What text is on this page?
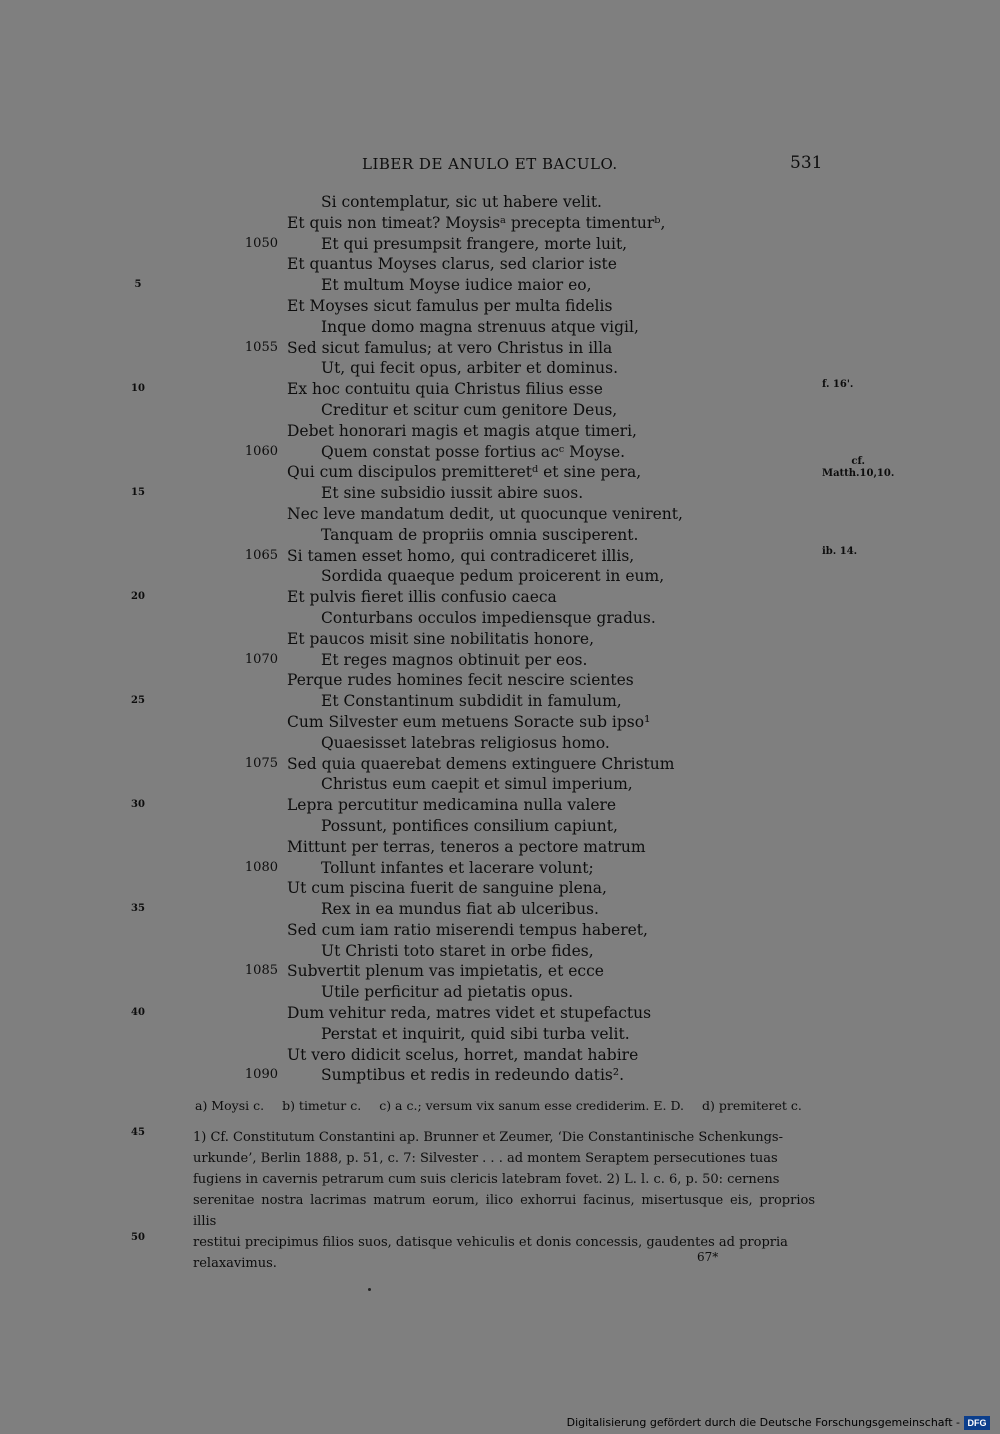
LIBER DE ANULO ET BACULO.	531
Si contemplatur, sic ut habere velit.
Et quis non timeat? Moysisᵃ precepta timenturᵇ,
1050	Et qui presumpsit frangere, morte luit,
Et quantus Moyses clarus, sed clarior iste
5	Et multum Moyse iudice maior eo,
Et Moyses sicut famulus per multa fidelis
Inque domo magna strenuus atque vigil,
1055 Sed sicut famulus; at vero Christus in illa
Ut, qui fecit opus, arbiter et dominus.
10	Ex hoc contuitu quia Christus filius esse	f. 16'.
Creditur et scitur cum genitore Deus,
Debet honorari magis et magis atque timeri,
1060	Quem constat posse fortius acᶜ Moyse.
Qui cum discipulos premitteretᵈ et sine pera,
cf.
Matth.10,10.
15	Et sine subsidio iussit abire suos.
Nec leve mandatum dedit, ut quocunque venirent,
Tanquam de propriis omnia susciperent.
1065 Si tamen esset homo, qui contradiceret illis,	ib. 14.
Sordida quaeque pedum proicerent in eum,
20	Et pulvis fieret illis confusio caeca
Conturbans occulos impediensque gradus.
Et paucos misit sine nobilitatis honore,
1070	Et reges magnos obtinuit per eos.
Perque rudes homines fecit nescire scientes
25	Et Constantinum subdidit in famulum,
Cum Silvester eum metuens Soracte sub ipso¹
Quaesisset latebras religiosus homo.
1075 Sed quia quaerebat demens extinguere Christum
Christus eum caepit et simul imperium,
30	Lepra percutitur medicamina nulla valere
Possunt, pontifices consilium capiunt,
Mittunt per terras, teneros a pectore matrum
1080	Tollunt infantes et lacerare volunt;
Ut cum piscina fuerit de sanguine plena,
35	Rex in ea mundus fiat ab ulceribus.
Sed cum iam ratio miserendi tempus haberet,
Ut Christi toto staret in orbe fides,
1085 Subvertit plenum vas impietatis, et ecce
Utile perficitur ad pietatis opus.
40	Dum vehitur reda, matres videt et stupefactus
Perstat et inquirit, quid sibi turba velit.
Ut vero didicit scelus, horret, mandat habire
1090	Sumptibus et redis in redeundo datis².
a) Moysi c. b) timetur c. c) a c.; versum vix sanum esse crediderim. E. D. d) premiteret c.
45
50
1) Cf. Constitutum Constantini ap. Brunner et Zeumer, ‘Die Constantinische Schenkungs-
urkunde’, Berlin 1888, p. 51, c. 7: Silvester . . . ad montem Seraptem persecutiones tuas
fugiens in cavernis petrarum cum suis clericis latebram fovet. 2) L. l. c. 6, p. 50: cernens
serenitae nostra lacrimas matrum eorum, ilico exhorrui facinus, misertusque eis, proprios illis
restitui precipimus filios suos, datisque vehiculis et donis concessis, gaudentes ad propria
relaxavimus.	67*
Digitalisierung gefördert durch die Deutsche Forschungsgemeinschaft - DFG
